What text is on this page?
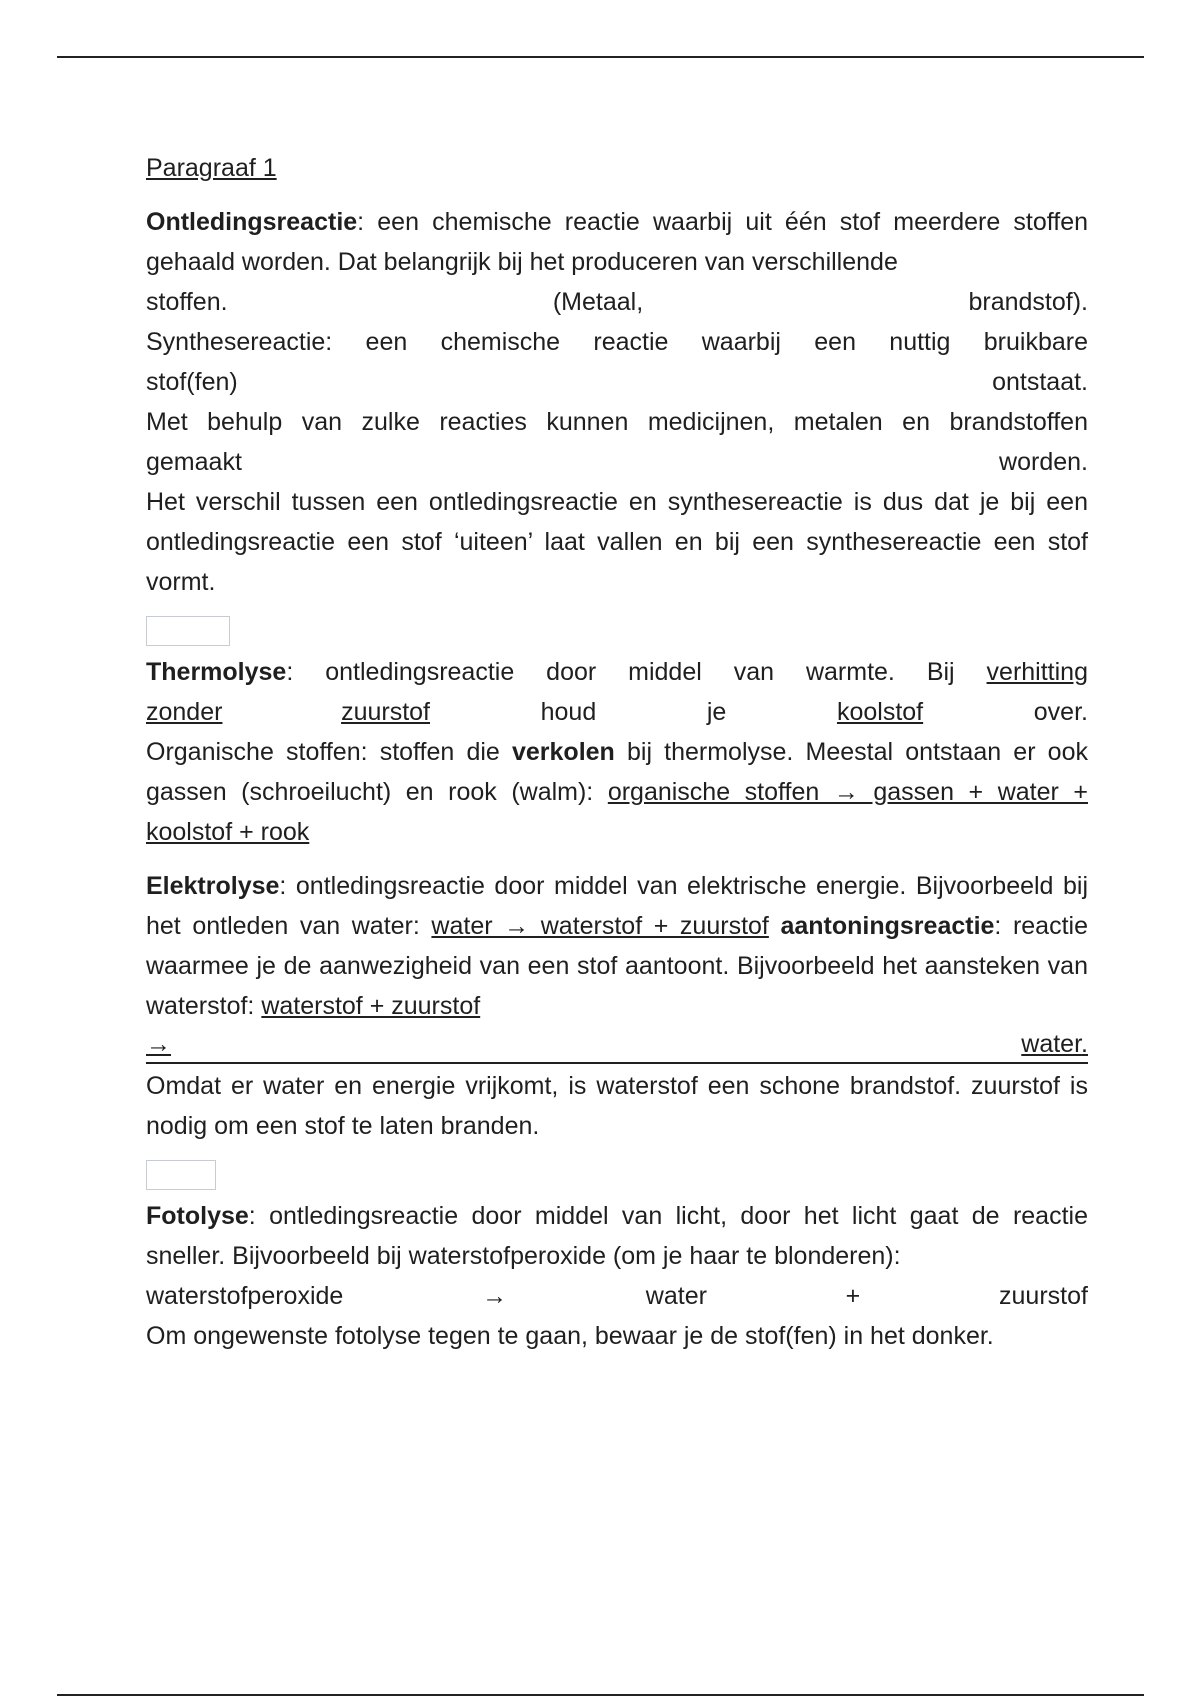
Paragraaf 1
Ontledingsreactie: een chemische reactie waarbij uit één stof meerdere stoffen gehaald worden. Dat belangrijk bij het produceren van verschillende
stoffen.	(Metaal,	brandstof).
Synthesereactie: een chemische reactie waarbij een nuttig bruikbare
stof(fen)	ontstaat.
Met behulp van zulke reacties kunnen medicijnen, metalen en brandstoffen
gemaakt	worden.
Het verschil tussen een ontledingsreactie en synthesereactie is dus dat je bij een ontledingsreactie een stof ‘uiteen’ laat vallen en bij een synthesereactie een stof vormt.
Thermolyse: ontledingsreactie door middel van warmte. Bij verhitting
zonder	zuurstof	houd	je	koolstof	over.
Organische stoffen: stoffen die verkolen bij thermolyse. Meestal ontstaan er ook gassen (schroeilucht) en rook (walm): organische stoffen → gassen + water + koolstof + rook
Elektrolyse: ontledingsreactie door middel van elektrische energie. Bijvoorbeeld bij het ontleden van water: water → waterstof + zuurstof aantoningsreactie: reactie waarmee je de aanwezigheid van een stof aantoont. Bijvoorbeeld het aansteken van waterstof: waterstof + zuurstof
→	water.
Omdat er water en energie vrijkomt, is waterstof een schone brandstof. zuurstof is nodig om een stof te laten branden.
Fotolyse: ontledingsreactie door middel van licht, door het licht gaat de reactie sneller. Bijvoorbeeld bij waterstofperoxide (om je haar te blonderen):
waterstofperoxide	→	water	+	zuurstof
Om ongewenste fotolyse tegen te gaan, bewaar je de stof(fen) in het donker.
